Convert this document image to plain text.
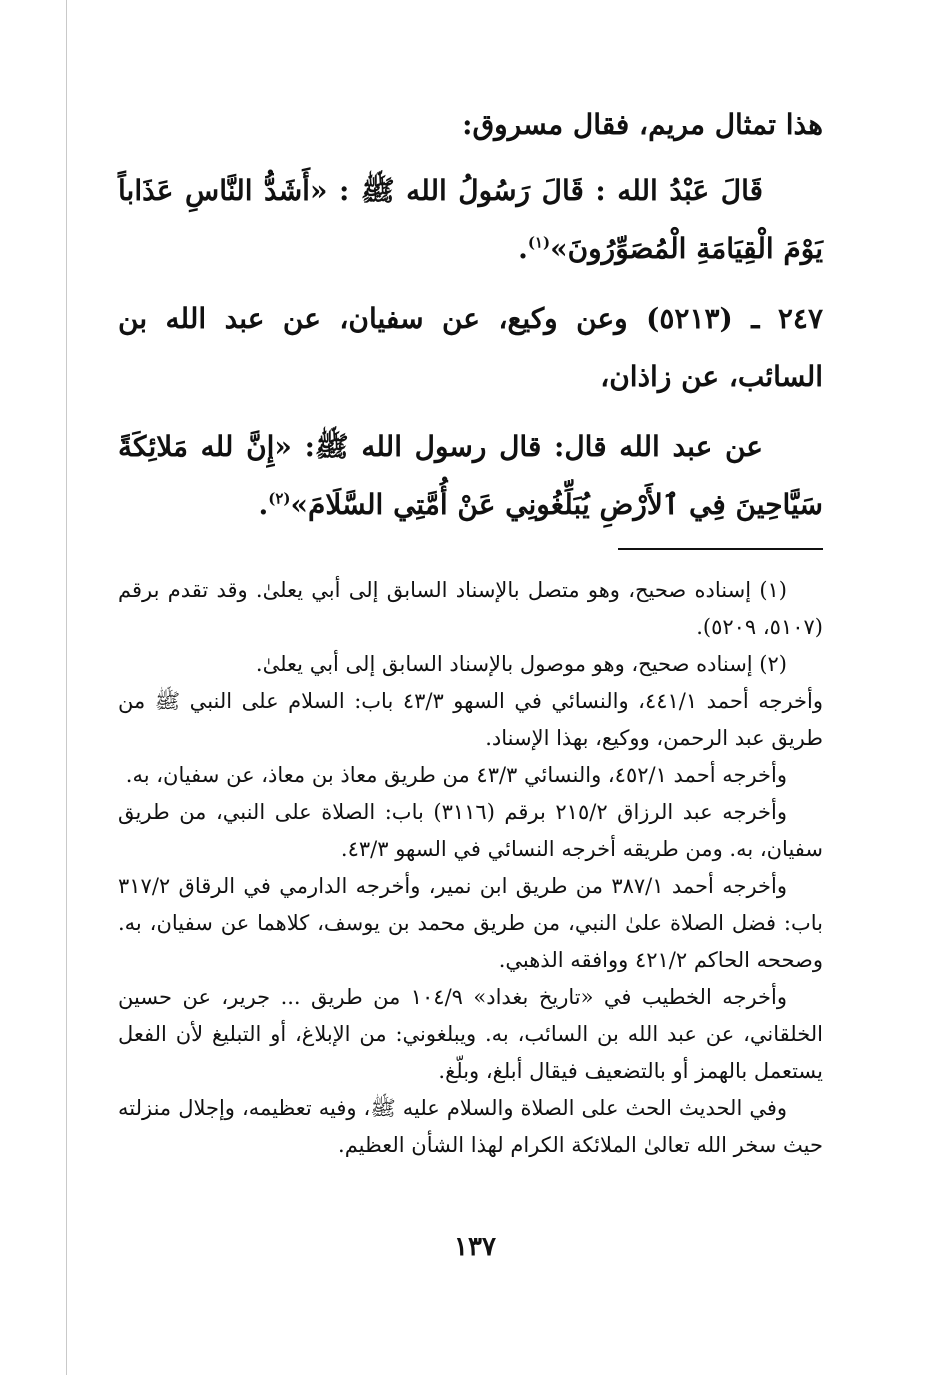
هذا تمثال مريم، فقال مسروق:

قَالَ عَبْدُ الله : قَالَ رَسُولُ الله ﷺ : «أَشَدُّ النَّاسِ عَذَاباً يَوْمَ الْقِيَامَةِ الْمُصَوِّرُونَ»$^{(١)}$.

٢٤٧ ـ (٥٢١٣) وعن وكيع، عن سفيان، عن عبد الله بن السائب، عن زاذان،

عن عبد الله قال: قال رسول الله ﷺ: «إِنَّ لله مَلائِكَةً سَيَّاحِينَ فِي ٱلأَرْضِ يُبَلِّغُونِي عَنْ أُمَّتِي السَّلَامَ»$^{(٢)}$.

(١) إسناده صحيح، وهو متصل بالإسناد السابق إلى أبي يعلىٰ. وقد تقدم برقم (٥١٠٧، ٥٢٠٩).

(٢) إسناده صحيح، وهو موصول بالإسناد السابق إلى أبي يعلىٰ.

وأخرجه أحمد ٤٤١/١، والنسائي في السهو ٤٣/٣ باب: السلام على النبي ﷺ من طريق عبد الرحمن، ووكيع، بهذا الإسناد.

وأخرجه أحمد ٤٥٢/١، والنسائي ٤٣/٣ من طريق معاذ بن معاذ، عن سفيان، به.

وأخرجه عبد الرزاق ٢١٥/٢ برقم (٣١١٦) باب: الصلاة على النبي، من طريق سفيان، به. ومن طريقه أخرجه النسائي في السهو ٤٣/٣.

وأخرجه أحمد ٣٨٧/١ من طريق ابن نمير، وأخرجه الدارمي في الرقاق ٣١٧/٢ باب: فضل الصلاة علىٰ النبي، من طريق محمد بن يوسف، كلاهما عن سفيان، به. وصححه الحاكم ٤٢١/٢ ووافقه الذهبي.

وأخرجه الخطيب في «تاريخ بغداد» ١٠٤/٩ من طريق ... جرير، عن حسين الخلقاني، عن عبد الله بن السائب، به. ويبلغوني: من الإبلاغ، أو التبليغ لأن الفعل يستعمل بالهمز أو بالتضعيف فيقال أبلغ، وبلّغ.

وفي الحديث الحث على الصلاة والسلام عليه ﷺ، وفيه تعظيمه، وإجلال منزلته حيث سخر الله تعالىٰ الملائكة الكرام لهذا الشأن العظيم.

١٣٧
